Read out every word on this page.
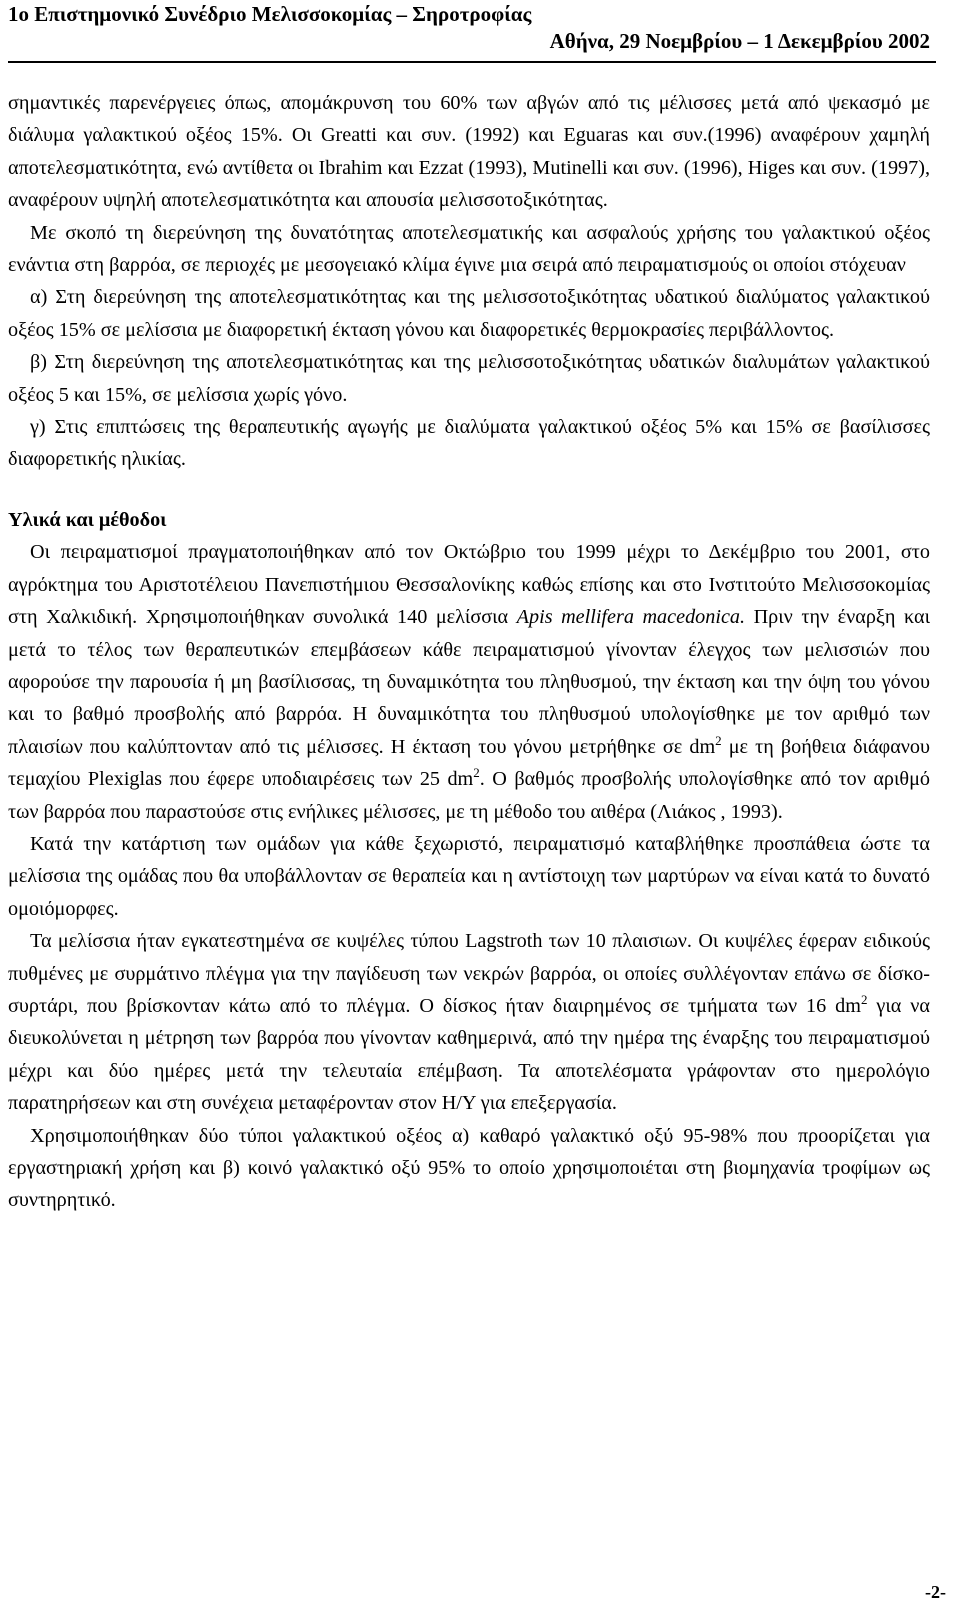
1ο Επιστημονικό Συνέδριο Μελισσοκομίας – Σηροτροφίας
Αθήνα, 29 Νοεμβρίου – 1 Δεκεμβρίου 2002

σημαντικές παρενέργειες όπως, απομάκρυνση του 60% των αβγών από τις μέλισσες μετά από ψεκασμό με διάλυμα γαλακτικού οξέος 15%. Οι Greatti και συν. (1992) και Eguaras και συν.(1996) αναφέρουν χαμηλή αποτελεσματικότητα, ενώ αντίθετα οι Ibrahim και Ezzat (1993), Mutinelli και συν. (1996), Higes και συν. (1997), αναφέρουν υψηλή αποτελεσματικότητα και απουσία μελισσοτοξικότητας.

Με σκοπό τη διερεύνηση της δυνατότητας αποτελεσματικής και ασφαλούς χρήσης του γαλακτικού οξέος ενάντια στη βαρρόα, σε περιοχές με μεσογειακό κλίμα έγινε μια σειρά από πειραματισμούς οι οποίοι στόχευαν

α) Στη διερεύνηση της αποτελεσματικότητας και της μελισσοτοξικότητας υδατικού διαλύματος γαλακτικού οξέος 15% σε μελίσσια με διαφορετική έκταση γόνου και διαφορετικές θερμοκρασίες περιβάλλοντος.

β) Στη διερεύνηση της αποτελεσματικότητας και της μελισσοτοξικότητας υδατικών διαλυμάτων γαλακτικού οξέος 5 και 15%, σε μελίσσια χωρίς γόνο.

γ) Στις επιπτώσεις της θεραπευτικής αγωγής με διαλύματα γαλακτικού οξέος 5% και 15% σε βασίλισσες διαφορετικής ηλικίας.

Υλικά και μέθοδοι

Οι πειραματισμοί πραγματοποιήθηκαν από τον Οκτώβριο του 1999 μέχρι το Δεκέμβριο του 2001, στο αγρόκτημα του Αριστοτέλειου Πανεπιστήμιου Θεσσαλονίκης καθώς επίσης και στο Ινστιτούτο Μελισσοκομίας στη Χαλκιδική. Χρησιμοποιήθηκαν συνολικά 140 μελίσσια Apis mellifera macedonica. Πριν την έναρξη και μετά το τέλος των θεραπευτικών επεμβάσεων κάθε πειραματισμού γίνονταν έλεγχος των μελισσιών που αφορούσε την παρουσία ή μη βασίλισσας, τη δυναμικότητα του πληθυσμού, την έκταση και την όψη του γόνου και το βαθμό προσβολής από βαρρόα. Η δυναμικότητα του πληθυσμού υπολογίσθηκε με τον αριθμό των πλαισίων που καλύπτονταν από τις μέλισσες. Η έκταση του γόνου μετρήθηκε σε $dm^2$ με τη βοήθεια διάφανου τεμαχίου Plexiglas που έφερε υποδιαιρέσεις των 25 $dm^2$. Ο βαθμός προσβολής υπολογίσθηκε από τον αριθμό των βαρρόα που παραστούσε στις ενήλικες μέλισσες, με τη μέθοδο του αιθέρα (Λιάκος , 1993).

Κατά την κατάρτιση των ομάδων για κάθε ξεχωριστό, πειραματισμό καταβλήθηκε προσπάθεια ώστε τα μελίσσια της ομάδας που θα υποβάλλονταν σε θεραπεία και η αντίστοιχη των μαρτύρων να είναι κατά το δυνατό ομοιόμορφες.

Τα μελίσσια ήταν εγκατεστημένα σε κυψέλες τύπου Lagstroth των 10 πλαισιων. Οι κυψέλες έφεραν ειδικούς πυθμένες με συρμάτινο πλέγμα για την παγίδευση των νεκρών βαρρόα, οι οποίες συλλέγονταν επάνω σε δίσκο-συρτάρι, που βρίσκονταν κάτω από το πλέγμα. Ο δίσκος ήταν διαιρημένος σε τμήματα των 16 $dm^2$ για να διευκολύνεται η μέτρηση των βαρρόα που γίνονταν καθημερινά, από την ημέρα της έναρξης του πειραματισμού μέχρι και δύο ημέρες μετά την τελευταία επέμβαση. Τα αποτελέσματα γράφονταν στο ημερολόγιο παρατηρήσεων και στη συνέχεια μεταφέρονταν στον Η/Υ για επεξεργασία.

Χρησιμοποιήθηκαν δύο τύποι γαλακτικού οξέος α) καθαρό γαλακτικό οξύ 95-98% που προορίζεται για εργαστηριακή χρήση και β) κοινό γαλακτικό οξύ 95% το οποίο χρησιμοποιέται στη βιομηχανία τροφίμων ως συντηρητικό.

-2-
